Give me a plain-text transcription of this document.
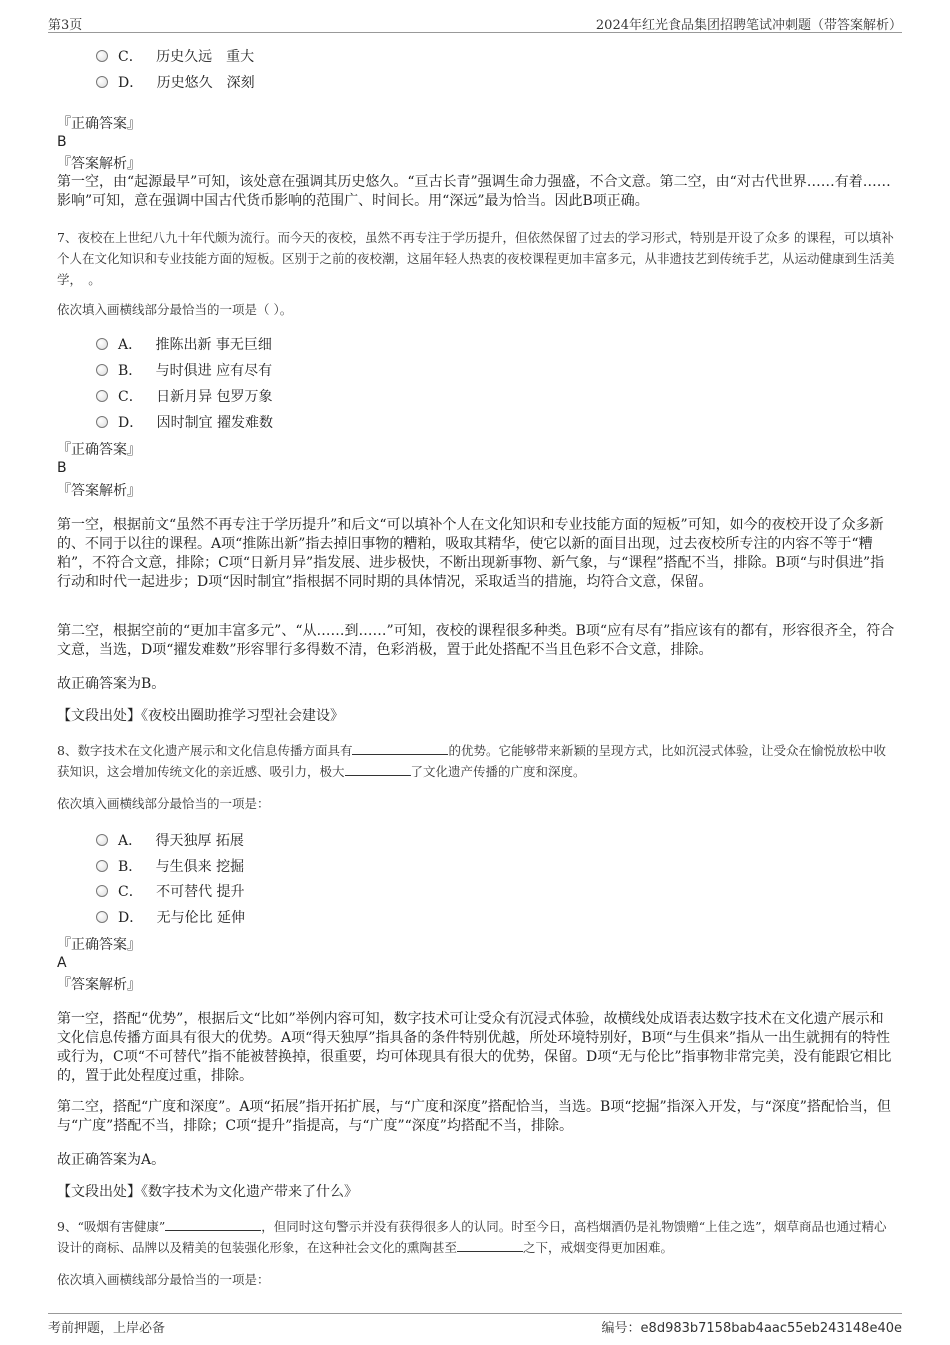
第3页	2024年红光食品集团招聘笔试冲刺题（带答案解析）
C． 历史久远　重大
D． 历史悠久　深刻
『正确答案』
B
『答案解析』
第一空，由“起源最早”可知，该处意在强调其历史悠久。“亘古长青”强调生命力强盛，不合文意。第二空，由“对古代世界……有着……影响”可知，意在强调中国古代货币影响的范围广、时间长。用“深远”最为恰当。因此B项正确。
7、夜校在上世纪八九十年代颇为流行。而今天的夜校，虽然不再专注于学历提升，但依然保留了过去的学习形式，特别是开设了众多 的课程，可以填补个人在文化知识和专业技能方面的短板。区别于之前的夜校潮，这届年轻人热衷的夜校课程更加丰富多元，从非遗技艺到传统手艺，从运动健康到生活美学，　。
依次填入画横线部分最恰当的一项是（ ）。
A． 推陈出新 事无巨细
B． 与时俱进 应有尽有
C． 日新月异 包罗万象
D． 因时制宜 擢发难数
『正确答案』
B
『答案解析』
第一空，根据前文“虽然不再专注于学历提升”和后文“可以填补个人在文化知识和专业技能方面的短板”可知，如今的夜校开设了众多新的、不同于以往的课程。A项“推陈出新”指去掉旧事物的糟粕，吸取其精华，使它以新的面目出现，过去夜校所专注的内容不等于“糟粕”，不符合文意，排除；C项“日新月异”指发展、进步极快，不断出现新事物、新气象，与“课程”搭配不当，排除。B项“与时俱进”指行动和时代一起进步；D项“因时制宜”指根据不同时期的具体情况，采取适当的措施，均符合文意，保留。
第二空，根据空前的“更加丰富多元”、“从……到……”可知，夜校的课程很多种类。B项“应有尽有”指应该有的都有，形容很齐全，符合文意，当选，D项“擢发难数”形容罪行多得数不清，色彩消极，置于此处搭配不当且色彩不合文意，排除。
故正确答案为B。
【文段出处】《夜校出圈助推学习型社会建设》
8、数字技术在文化遗产展示和文化信息传播方面具有	的优势。它能够带来新颖的呈现方式，比如沉浸式体验，让受众在愉悦放松中收获知识，这会增加传统文化的亲近感、吸引力，极大	了文化遗产传播的广度和深度。
依次填入画横线部分最恰当的一项是：
A． 得天独厚 拓展
B． 与生俱来 挖掘
C． 不可替代 提升
D． 无与伦比 延伸
『正确答案』
A
『答案解析』
第一空，搭配“优势”，根据后文“比如”举例内容可知，数字技术可让受众有沉浸式体验，故横线处成语表达数字技术在文化遗产展示和文化信息传播方面具有很大的优势。A项“得天独厚”指具备的条件特别优越，所处环境特别好，B项“与生俱来”指从一出生就拥有的特性或行为，C项“不可替代”指不能被替换掉，很重要，均可体现具有很大的优势，保留。D项“无与伦比”指事物非常完美，没有能跟它相比的，置于此处程度过重，排除。
第二空，搭配“广度和深度”。A项“拓展”指开拓扩展，与“广度和深度”搭配恰当，当选。B项“挖掘”指深入开发，与“深度”搭配恰当，但与“广度”搭配不当，排除；C项“提升”指提高，与“广度”“深度”均搭配不当，排除。
故正确答案为A。
【文段出处】《数字技术为文化遗产带来了什么》
9、“吸烟有害健康”	，但同时这句警示并没有获得很多人的认同。时至今日，高档烟酒仍是礼物馈赠“上佳之选”，烟草商品也通过精心设计的商标、品牌以及精美的包装强化形象，在这种社会文化的熏陶甚至	之下，戒烟变得更加困难。
依次填入画横线部分最恰当的一项是：
考前押题，上岸必备	编号：e8d983b7158bab4aac55eb243148e40e
